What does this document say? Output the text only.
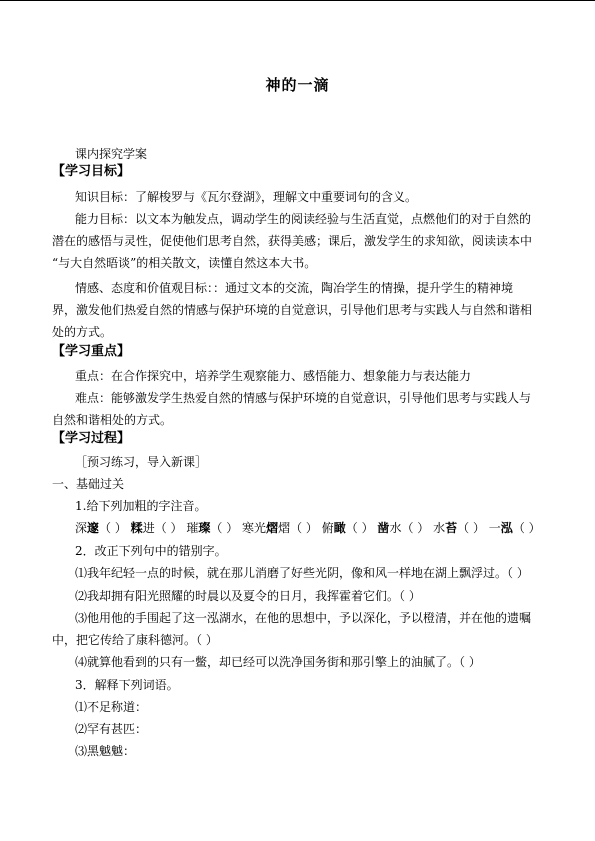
神的一滴
课内探究学案
【学习目标】
知识目标：了解梭罗与《瓦尔登湖》，理解文中重要词句的含义。
能力目标：以文本为触发点，调动学生的阅读经验与生活直觉，点燃他们的对于自然的
潜在的感悟与灵性，促使他们思考自然，获得美感；课后，激发学生的求知欲，阅读读本中
“与大自然晤谈”的相关散文，读懂自然这本大书。
情感、态度和价值观目标：：通过文本的交流，陶冶学生的情操，提升学生的精神境
界，激发他们热爱自然的情感与保护环境的自觉意识，引导他们思考与实践人与自然和谐相
处的方式。
【学习重点】
重点：在合作探究中，培养学生观察能力、感悟能力、想象能力与表达能力
难点：能够激发学生热爱自然的情感与保护环境的自觉意识，引导他们思考与实践人与
自然和谐相处的方式。
【学习过程】
［预习练习，导入新课］
一、基础过关
1.给下列加粗的字注音。
深邃（ ） 糅进（ ） 璀璨（ ） 寒光熠熠（ ） 俯瞰（ ） 凿水（ ） 水苔（ ） 一泓（ ）
2．改正下列句中的错别字。
⑴我年纪轻一点的时候，就在那儿消磨了好些光阴，像和风一样地在湖上飘浮过。（ ）
⑵我却拥有阳光照耀的时晨以及夏令的日月，我挥霍着它们。（ ）
⑶他用他的手围起了这一泓湖水，在他的思想中，予以深化，予以橙清，并在他的遗嘱
中，把它传给了康科德河。（ ）
⑷就算他看到的只有一鳖，却已经可以洗净国务街和那引擎上的油腻了。（ ）
3．解释下列词语。
⑴不足称道：
⑵罕有甚匹：
⑶黑魆魆：
